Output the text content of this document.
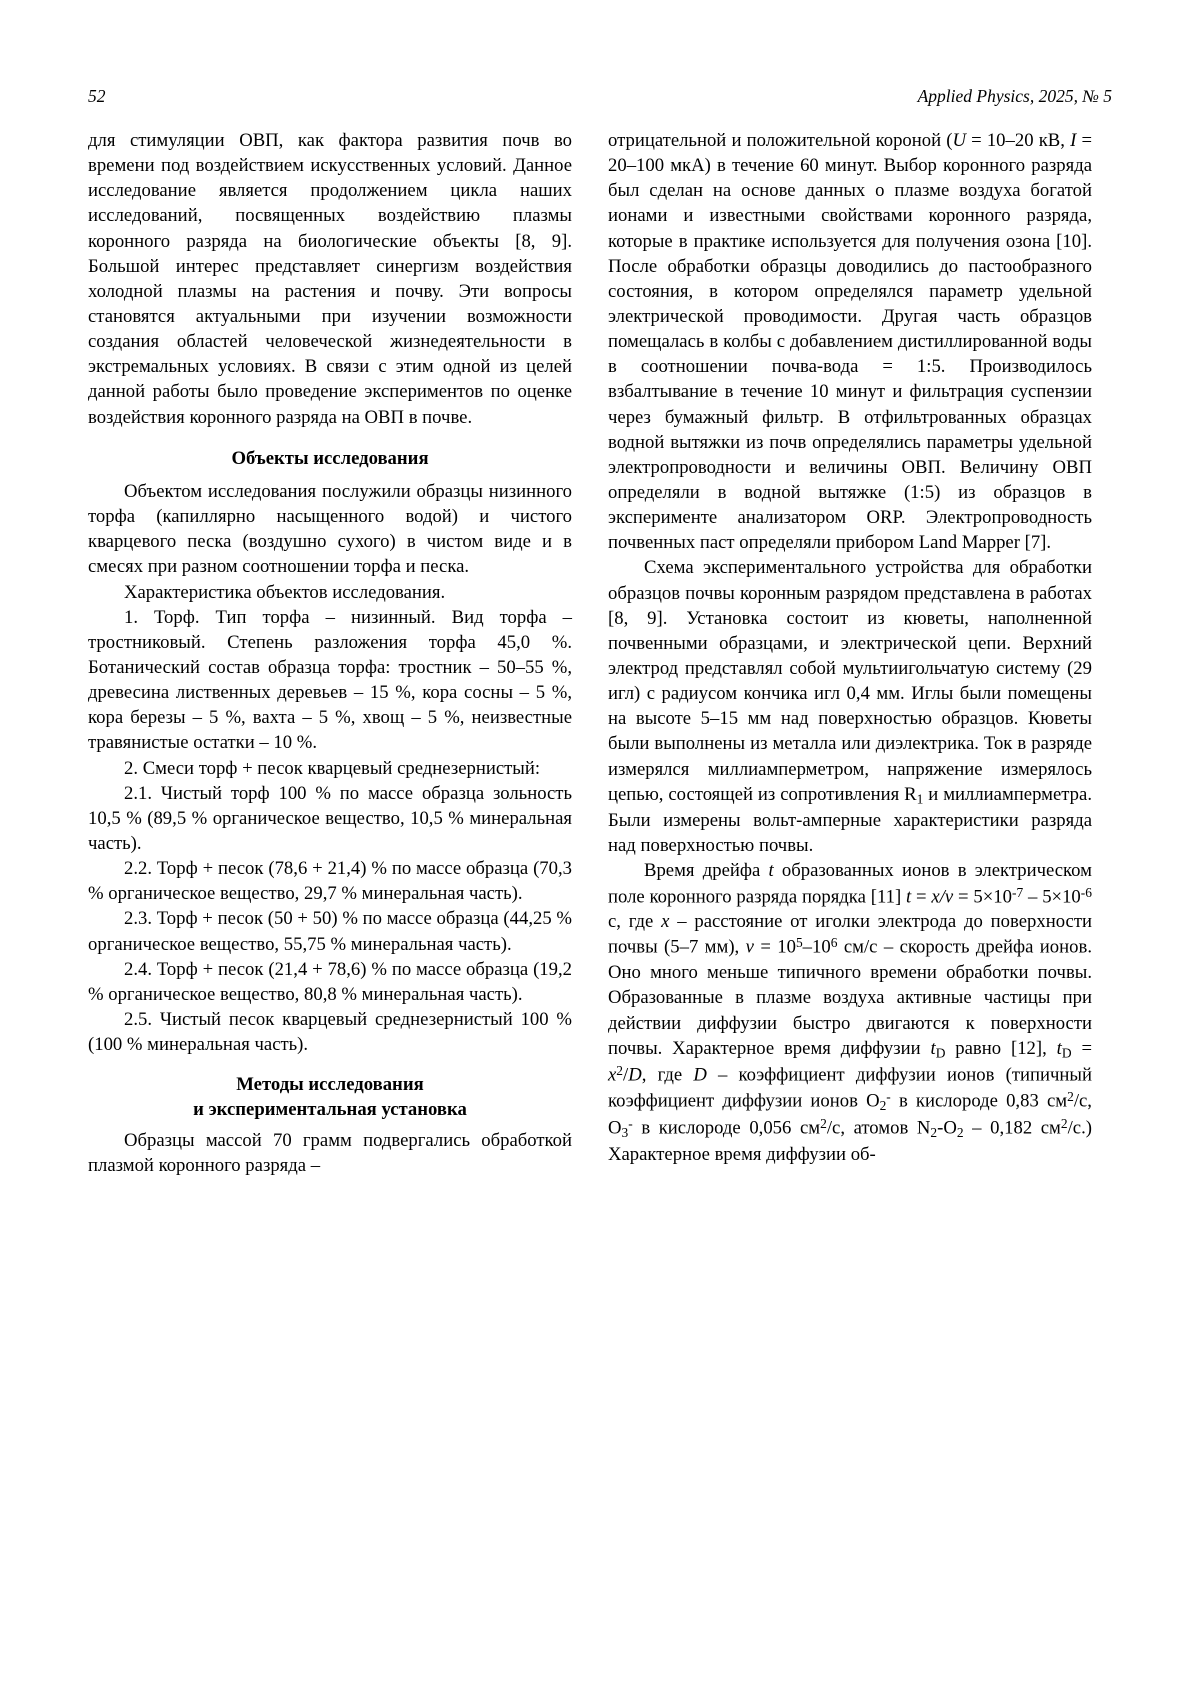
52	Applied Physics, 2025, № 5

для стимуляции ОВП, как фактора развития почв во времени под воздействием искусственных условий. Данное исследование является продолжением цикла наших исследований, посвященных воздействию плазмы коронного разряда на биологические объекты [8, 9]. Большой интерес представляет синергизм воздействия холодной плазмы на растения и почву. Эти вопросы становятся актуальными при изучении возможности создания областей человеческой жизнедеятельности в экстремальных условиях. В связи с этим одной из целей данной работы было проведение экспериментов по оценке воздействия коронного разряда на ОВП в почве.

Объекты исследования

Объектом исследования послужили образцы низинного торфа (капиллярно насыщенного водой) и чистого кварцевого песка (воздушно сухого) в чистом виде и в смесях при разном соотношении торфа и песка.

Характеристика объектов исследования.

1. Торф. Тип торфа – низинный. Вид торфа – тростниковый. Степень разложения торфа 45,0 %. Ботанический состав образца торфа: тростник – 50–55 %, древесина лиственных деревьев – 15 %, кора сосны – 5 %, кора березы – 5 %, вахта – 5 %, хвощ – 5 %, неизвестные травянистые остатки – 10 %.

2. Смеси торф + песок кварцевый среднезернистый:

2.1. Чистый торф 100 % по массе образца зольность 10,5 % (89,5 % органическое вещество, 10,5 % минеральная часть).

2.2. Торф + песок (78,6 + 21,4) % по массе образца (70,3 % органическое вещество, 29,7 % минеральная часть).

2.3. Торф + песок (50 + 50) % по массе образца (44,25 % органическое вещество, 55,75 % минеральная часть).

2.4. Торф + песок (21,4 + 78,6) % по массе образца (19,2 % органическое вещество, 80,8 % минеральная часть).

2.5. Чистый песок кварцевый среднезернистый 100 % (100 % минеральная часть).

Методы исследования
и экспериментальная установка

Образцы массой 70 грамм подвергались обработкой плазмой коронного разряда –

отрицательной и положительной короной (U = 10–20 кВ, I = 20–100 мкА) в течение 60 минут. Выбор коронного разряда был сделан на основе данных о плазме воздуха богатой ионами и известными свойствами коронного разряда, которые в практике используется для получения озона [10]. После обработки образцы доводились до пастообразного состояния, в котором определялся параметр удельной электрической проводимости. Другая часть образцов помещалась в колбы с добавлением дистиллированной воды в соотношении почва-вода = 1:5. Производилось взбалтывание в течение 10 минут и фильтрация суспензии через бумажный фильтр. В отфильтрованных образцах водной вытяжки из почв определялись параметры удельной электропроводности и величины ОВП. Величину ОВП определяли в водной вытяжке (1:5) из образцов в эксперименте анализатором ORP. Электропроводность почвенных паст определяли прибором Land Mapper [7].

Схема экспериментального устройства для обработки образцов почвы коронным разрядом представлена в работах [8, 9]. Установка состоит из кюветы, наполненной почвенными образцами, и электрической цепи. Верхний электрод представлял собой мультиигольчатую систему (29 игл) с радиусом кончика игл 0,4 мм. Иглы были помещены на высоте 5–15 мм над поверхностью образцов. Кюветы были выполнены из металла или диэлектрика. Ток в разряде измерялся миллиамперметром, напряжение измерялось цепью, состоящей из сопротивления $R_1$ и миллиамперметра. Были измерены вольт-амперные характеристики разряда над поверхностью почвы.

Время дрейфа t образованных ионов в электрическом поле коронного разряда порядка [11] $t = x/v = 5\times 10^{-7} - 5\times 10^{-6}$ с, где x – расстояние от иголки электрода до поверхности почвы (5–7 мм), $v = 10^5-10^6$ см/с – скорость дрейфа ионов. Оно много меньше типичного времени обработки почвы. Образованные в плазме воздуха активные частицы при действии диффузии быстро двигаются к поверхности почвы. Характерное время диффузии $t_D$ равно [12], $t_D = x^2/D$, где D – коэффициент диффузии ионов (типичный коэффициент диффузии ионов $O_2^-$ в кислороде 0,83 $см^2/с$, $O_3^-$ в кислороде 0,056 $см^2/с$, атомов $N_2-O_2 - 0,182$ $см^2/с$.) Характерное время диффузии об-
